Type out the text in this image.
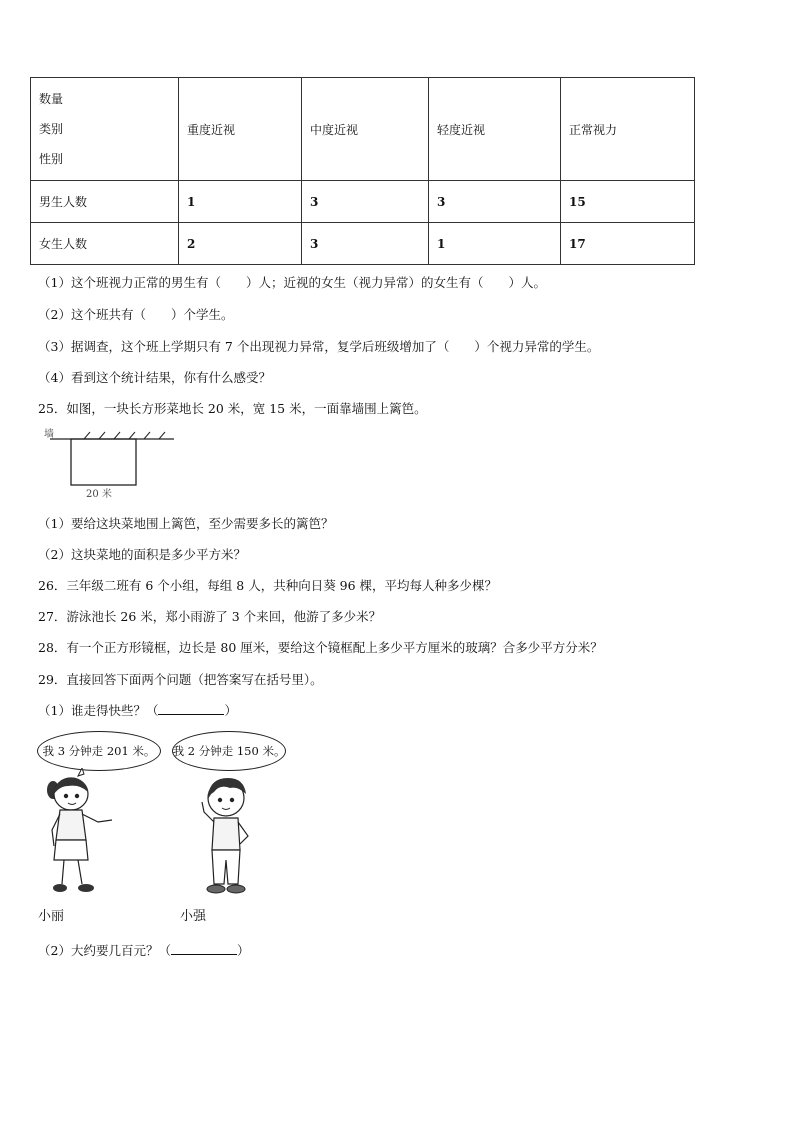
数量
类别
性别	重度近视	中度近视	轻度近视	正常视力
男生人数	1	3	3	15
女生人数	2	3	1	17
（1）这个班视力正常的男生有（　　）人；近视的女生（视力异常）的女生有（　　）人。
（2）这个班共有（　　）个学生。
（3）据调查，这个班上学期只有 7 个出现视力异常，复学后班级增加了（　　）个视力异常的学生。
（4）看到这个统计结果，你有什么感受？
25．如图，一块长方形菜地长 20 米，宽 15 米，一面靠墙围上篱笆。
墙
20 米
（1）要给这块菜地围上篱笆，至少需要多长的篱笆？
（2）这块菜地的面积是多少平方米？
26．三年级二班有 6 个小组，每组 8 人，共种向日葵 96 棵，平均每人种多少棵？
27．游泳池长 26 米，郑小雨游了 3 个来回，他游了多少米？
28．有一个正方形镜框，边长是 80 厘米，要给这个镜框配上多少平方厘米的玻璃？合多少平方分米？
29．直接回答下面两个问题（把答案写在括号里）。
（1）谁走得快些？（	）
我 3 分钟走 201 米。 我 2 分钟走 150 米。
小丽	小强
（2）大约要几百元？（	）
